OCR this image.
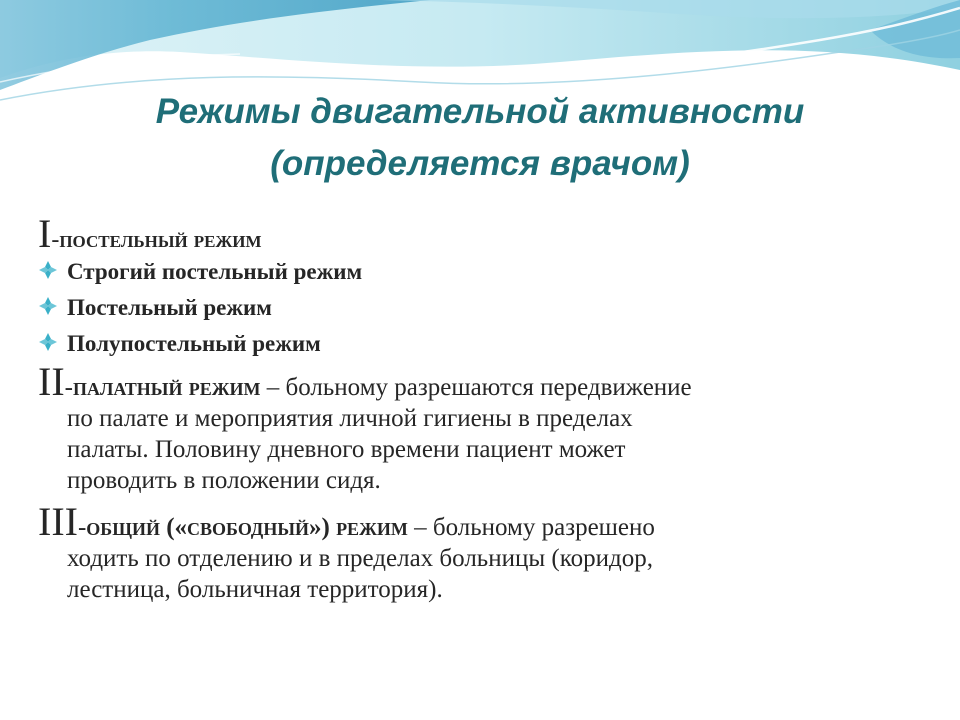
Режимы двигательной активности
(определяется врачом)
I-постельный режим
Строгий постельный режим
Постельный режим
Полупостельный режим
II-палатный режим – больному разрешаются передвижение
по палате и мероприятия личной гигиены в пределах
палаты. Половину дневного времени пациент может
проводить в положении сидя.
III-общий («свободный») режим – больному разрешено
ходить по отделению и в пределах больницы (коридор,
лестница, больничная территория).
